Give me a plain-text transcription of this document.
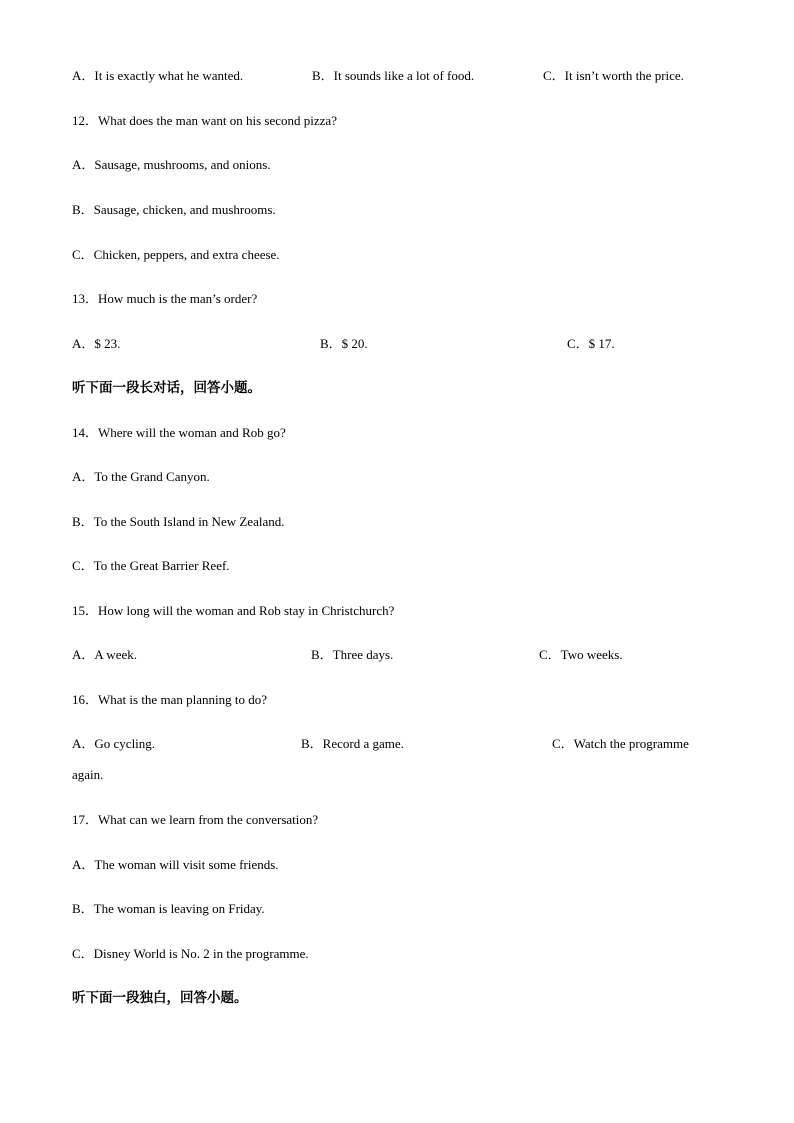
A．It is exactly what he wanted.	B．It sounds like a lot of food.	C．It isn’t worth the price.
12．What does the man want on his second pizza?
A．Sausage, mushrooms, and onions.
B．Sausage, chicken, and mushrooms.
C．Chicken, peppers, and extra cheese.
13．How much is the man’s order?
A．$ 23.	B．$ 20.	C．$ 17.
听下面一段长对话，回答小题。
14．Where will the woman and Rob go?
A．To the Grand Canyon.
B．To the South Island in New Zealand.
C．To the Great Barrier Reef.
15．How long will the woman and Rob stay in Christchurch?
A．A week.	B．Three days.	C．Two weeks.
16．What is the man planning to do?
A．Go cycling.	B．Record a game.	C．Watch the programme
again.
17．What can we learn from the conversation?
A．The woman will visit some friends.
B．The woman is leaving on Friday.
C．Disney World is No. 2 in the programme.
听下面一段独白，回答小题。
